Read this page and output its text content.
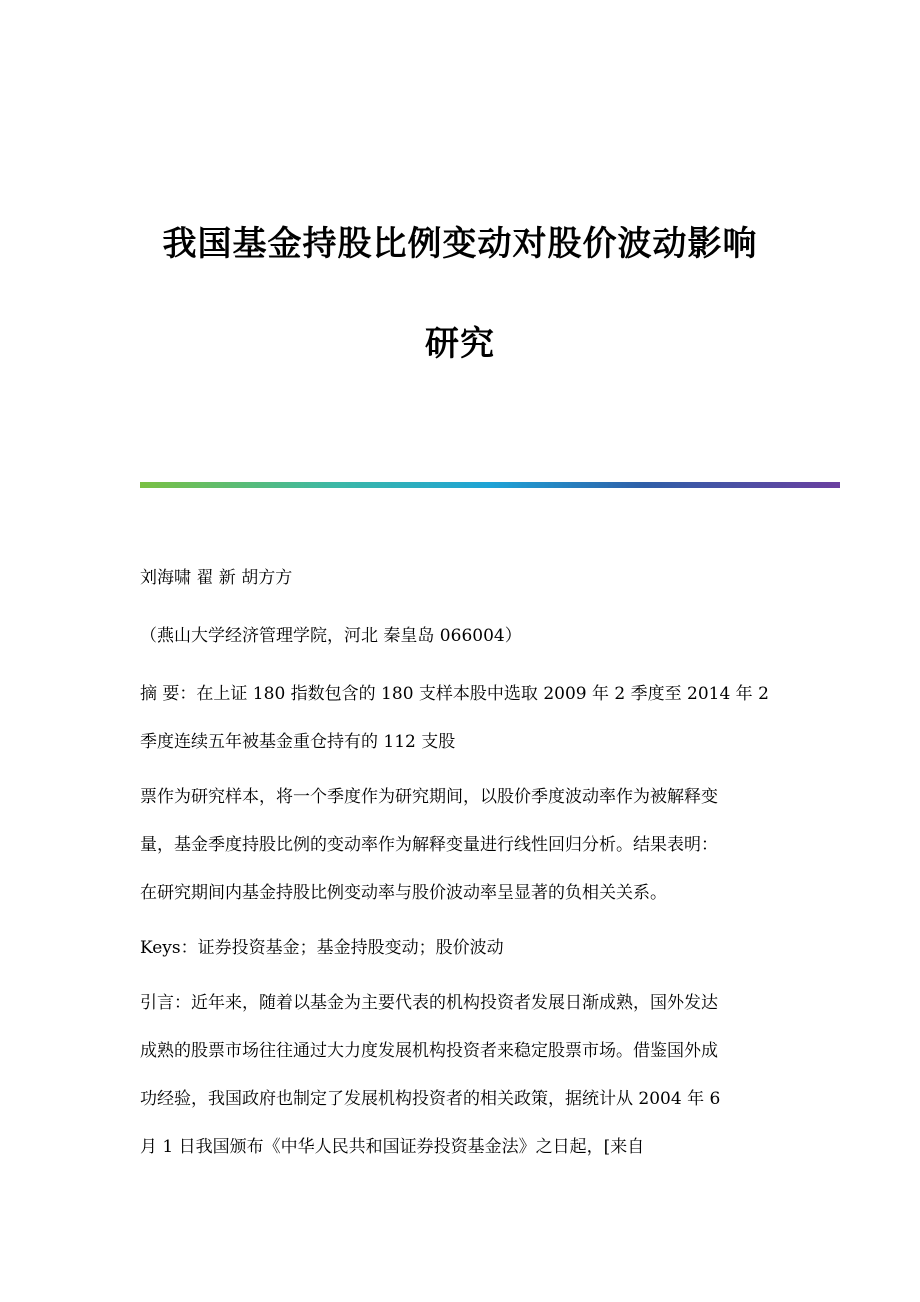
我国基金持股比例变动对股价波动影响
研究
刘海啸 翟 新 胡方方
（燕山大学经济管理学院，河北 秦皇岛 066004）
摘 要：在上证 180 指数包含的 180 支样本股中选取 2009 年 2 季度至 2014 年 2
季度连续五年被基金重仓持有的 112 支股
票作为研究样本，将一个季度作为研究期间，以股价季度波动率作为被解释变
量，基金季度持股比例的变动率作为解释变量进行线性回归分析。结果表明：
在研究期间内基金持股比例变动率与股价波动率呈显著的负相关关系。
Keys：证券投资基金；基金持股变动；股价波动
引言：近年来，随着以基金为主要代表的机构投资者发展日渐成熟，国外发达
成熟的股票市场往往通过大力度发展机构投资者来稳定股票市场。借鉴国外成
功经验，我国政府也制定了发展机构投资者的相关政策，据统计从 2004 年 6
月 1 日我国颁布《中华人民共和国证券投资基金法》之日起，[来自
